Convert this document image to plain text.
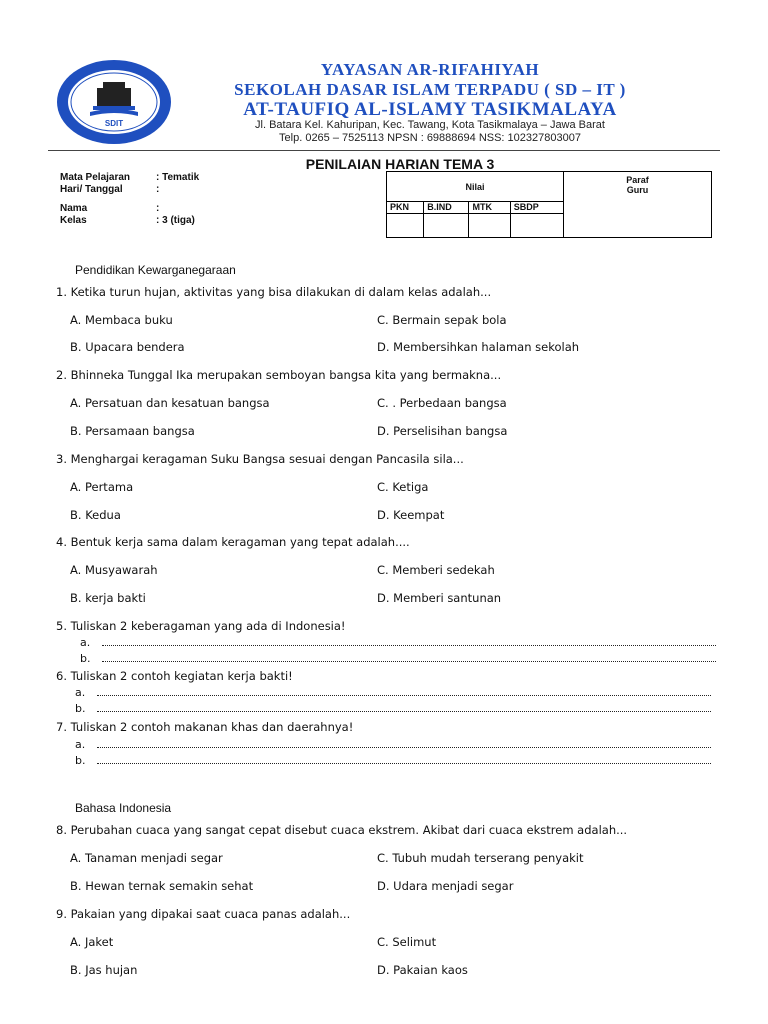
SDIT
YAYASAN AR-RIFAHIYAH
SEKOLAH DASAR ISLAM TERPADU ( SD – IT )
AT-TAUFIQ AL-ISLAMY TASIKMALAYA
Jl. Batara Kel. Kahuripan, Kec. Tawang, Kota Tasikmalaya – Jawa Barat
Telp. 0265 – 7525113 NPSN : 69888694 NSS: 102327803007
PENILAIAN HARIAN TEMA 3
Mata Pelajaran	: Tematik
Hari/ Tanggal	:
Nama	:
Kelas	: 3 (tiga)
Nilai				Paraf
Guru

PKN	B.IND	MTK	SBDP	

Pendidikan Kewarganegaraan
1. Ketika turun hujan, aktivitas yang bisa dilakukan di dalam kelas adalah...
A. Membaca buku	C. Bermain sepak bola
B. Upacara bendera	D. Membersihkan halaman sekolah
2. Bhinneka Tunggal Ika merupakan semboyan bangsa kita yang bermakna...
A. Persatuan dan kesatuan bangsa	C. . Perbedaan bangsa
B. Persamaan bangsa	D. Perselisihan bangsa
3. Menghargai keragaman Suku Bangsa sesuai dengan Pancasila sila...
A. Pertama	C. Ketiga
B. Kedua	D. Keempat
4. Bentuk kerja sama dalam keragaman yang tepat adalah....
A. Musyawarah	C. Memberi sedekah
B. kerja bakti	D. Memberi santunan
5. Tuliskan 2 keberagaman yang ada di Indonesia!
a.
b.
6. Tuliskan 2 contoh kegiatan kerja bakti!
a.
b.
7. Tuliskan 2 contoh makanan khas dan daerahnya!
a.
b.
Bahasa Indonesia
8. Perubahan cuaca yang sangat cepat disebut cuaca ekstrem. Akibat dari cuaca ekstrem adalah...
A. Tanaman menjadi segar	C. Tubuh mudah terserang penyakit
B. Hewan ternak semakin sehat	D. Udara menjadi segar
9. Pakaian yang dipakai saat cuaca panas adalah...
A. Jaket	C. Selimut
B. Jas hujan	D. Pakaian kaos
